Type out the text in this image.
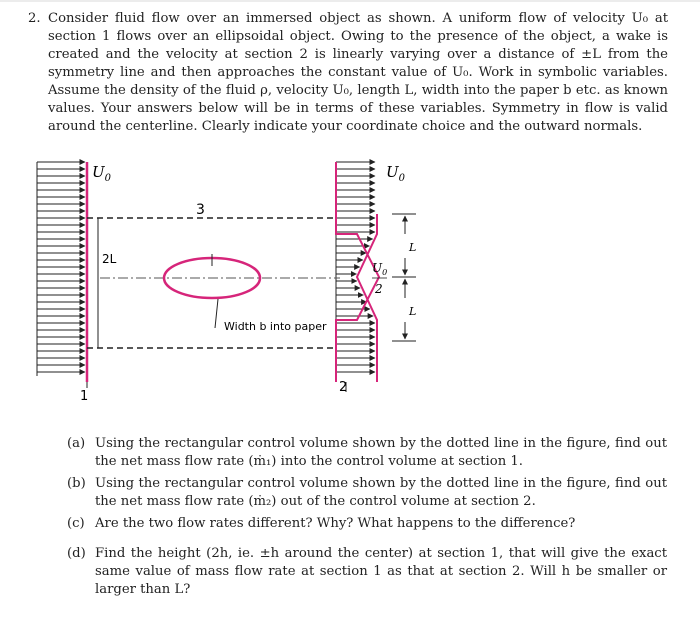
2. Consider fluid flow over an immersed object as shown. A uniform flow of velocity U₀ at section 1 flows over an ellipsoidal object. Owing to the presence of the object, a wake is created and the velocity at section 2 is linearly varying over a distance of ±L from the symmetry line and then approaches the constant value of U₀. Work in symbolic variables. Assume the density of the fluid ρ, velocity U₀, length L, width into the paper b etc. as known values. Your answers below will be in terms of these variables. Symmetry in flow is valid around the centerline. Clearly indicate your coordinate choice and the outward normals.
$U_0$	$U_0$
3
2L
Width b into paper
$U_0$
2
L
L
1
2
(a) Using the rectangular control volume shown by the dotted line in the figure, find out the net mass flow rate (ṁ₁) into the control volume at section 1.
(b) Using the rectangular control volume shown by the dotted line in the figure, find out the net mass flow rate (ṁ₂) out of the control volume at section 2.
(c) Are the two flow rates different? Why? What happens to the difference?
(d) Find the height (2h, ie. ±h around the center) at section 1, that will give the exact same value of mass flow rate at section 1 as that at section 2. Will h be smaller or larger than L?
